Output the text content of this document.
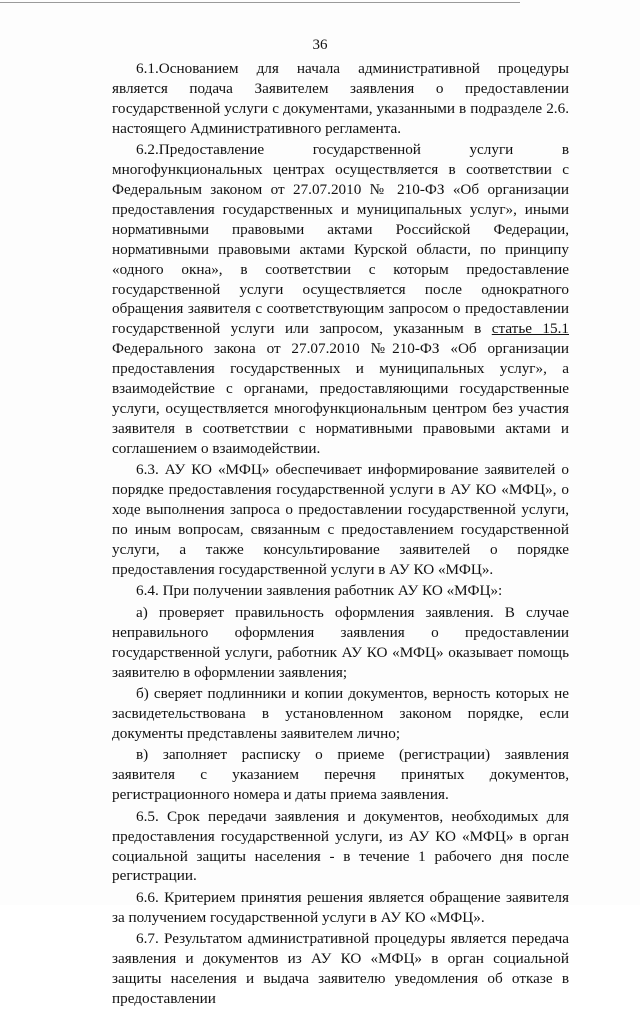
36

6.1.Основанием для начала административной процедуры является подача Заявителем заявления о предоставлении государственной услуги с документами, указанными в подразделе 2.6. настоящего Административного регламента.

6.2.Предоставление государственной услуги в многофункциональных центрах осуществляется в соответствии с Федеральным законом от 27.07.2010 № 210-ФЗ «Об организации предоставления государственных и муниципальных услуг», иными нормативными правовыми актами Российской Федерации, нормативными правовыми актами Курской области, по принципу «одного окна», в соответствии с которым предоставление государственной услуги осуществляется после однократного обращения заявителя с соответствующим запросом о предоставлении государственной услуги или запросом, указанным в статье 15.1 Федерального закона от 27.07.2010 №210-ФЗ «Об организации предоставления государственных и муниципальных услуг», а взаимодействие с органами, предоставляющими государственные услуги, осуществляется многофункциональным центром без участия заявителя в соответствии с нормативными правовыми актами и соглашением о взаимодействии.

6.3. АУ КО «МФЦ» обеспечивает информирование заявителей о порядке предоставления государственной услуги в АУ КО «МФЦ», о ходе выполнения запроса о предоставлении государственной услуги, по иным вопросам, связанным с предоставлением государственной услуги, а также консультирование заявителей о порядке предоставления государственной услуги в АУ КО «МФЦ».

6.4. При получении заявления работник АУ КО «МФЦ»:

а) проверяет правильность оформления заявления. В случае неправильного оформления заявления о предоставлении государственной услуги, работник АУ КО «МФЦ» оказывает помощь заявителю в оформлении заявления;

б) сверяет подлинники и копии документов, верность которых не засвидетельствована в установленном законом порядке, если документы представлены заявителем лично;

в) заполняет расписку о приеме (регистрации) заявления заявителя с указанием перечня принятых документов, регистрационного номера и даты приема заявления.

6.5. Срок передачи заявления и документов, необходимых для предоставления государственной услуги, из АУ КО «МФЦ» в орган социальной защиты населения - в течение 1 рабочего дня после регистрации.

6.6. Критерием принятия решения является обращение заявителя за получением государственной услуги в АУ КО «МФЦ».

6.7. Результатом административной процедуры является передача заявления и документов из АУ КО «МФЦ» в орган социальной защиты населения и выдача заявителю уведомления об отказе в предоставлении
